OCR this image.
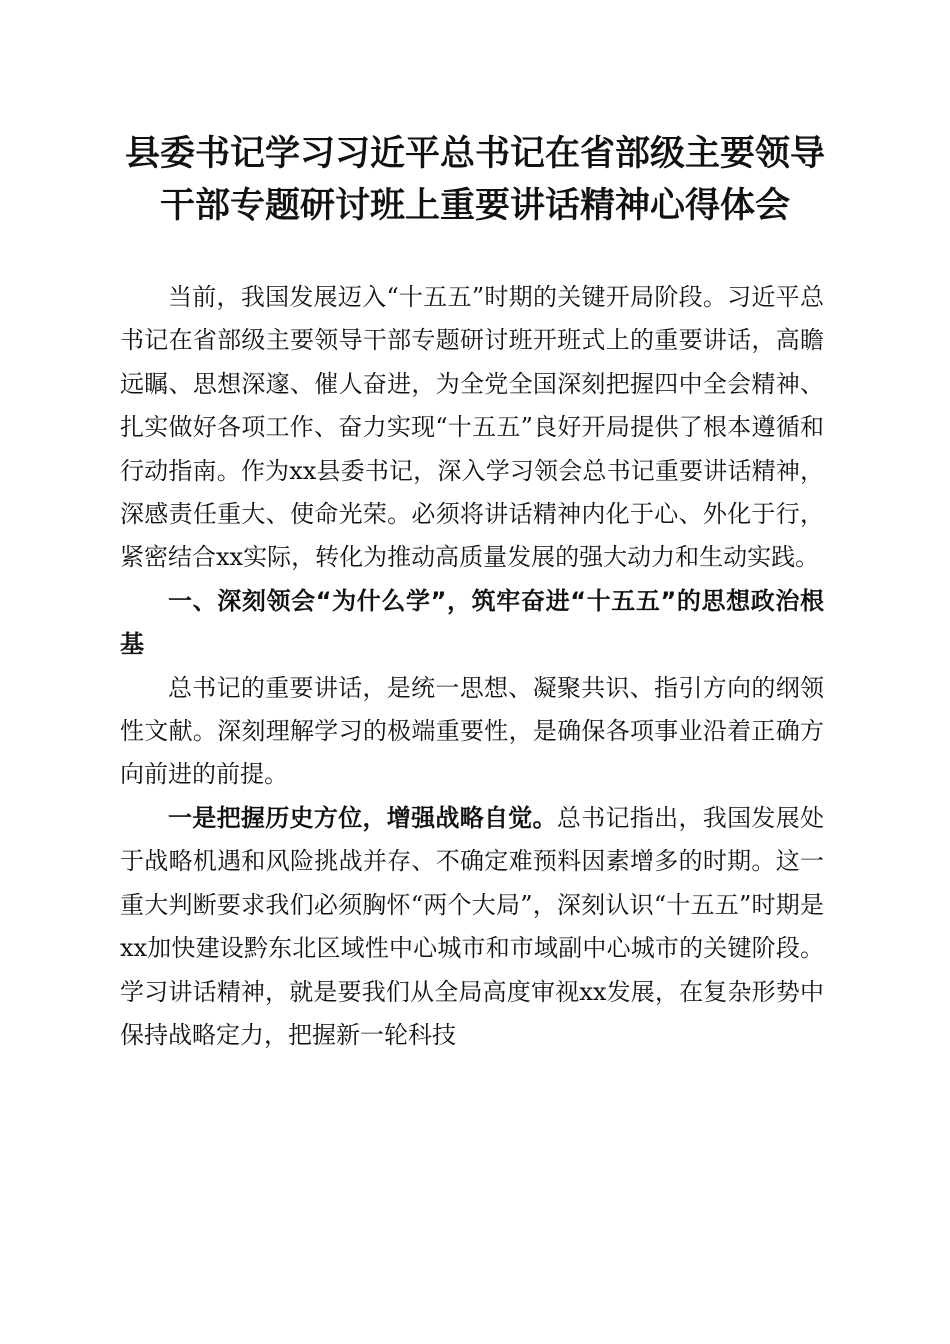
县委书记学习习近平总书记在省部级主要领导
干部专题研讨班上重要讲话精神心得体会

当前，我国发展迈入“十五五”时期的关键开局阶段。习近平总书记在省部级主要领导干部专题研讨班开班式上的重要讲话，高瞻远瞩、思想深邃、催人奋进，为全党全国深刻把握四中全会精神、扎实做好各项工作、奋力实现“十五五”良好开局提供了根本遵循和行动指南。作为xx县委书记，深入学习领会总书记重要讲话精神，深感责任重大、使命光荣。必须将讲话精神内化于心、外化于行，紧密结合xx实际，转化为推动高质量发展的强大动力和生动实践。

一、深刻领会“为什么学”，筑牢奋进“十五五”的思想政治根基

总书记的重要讲话，是统一思想、凝聚共识、指引方向的纲领性文献。深刻理解学习的极端重要性，是确保各项事业沿着正确方向前进的前提。

一是把握历史方位，增强战略自觉。总书记指出，我国发展处于战略机遇和风险挑战并存、不确定难预料因素增多的时期。这一重大判断要求我们必须胸怀“两个大局”，深刻认识“十五五”时期是xx加快建设黔东北区域性中心城市和市域副中心城市的关键阶段。学习讲话精神，就是要我们从全局高度审视xx发展，在复杂形势中保持战略定力，把握新一轮科技
